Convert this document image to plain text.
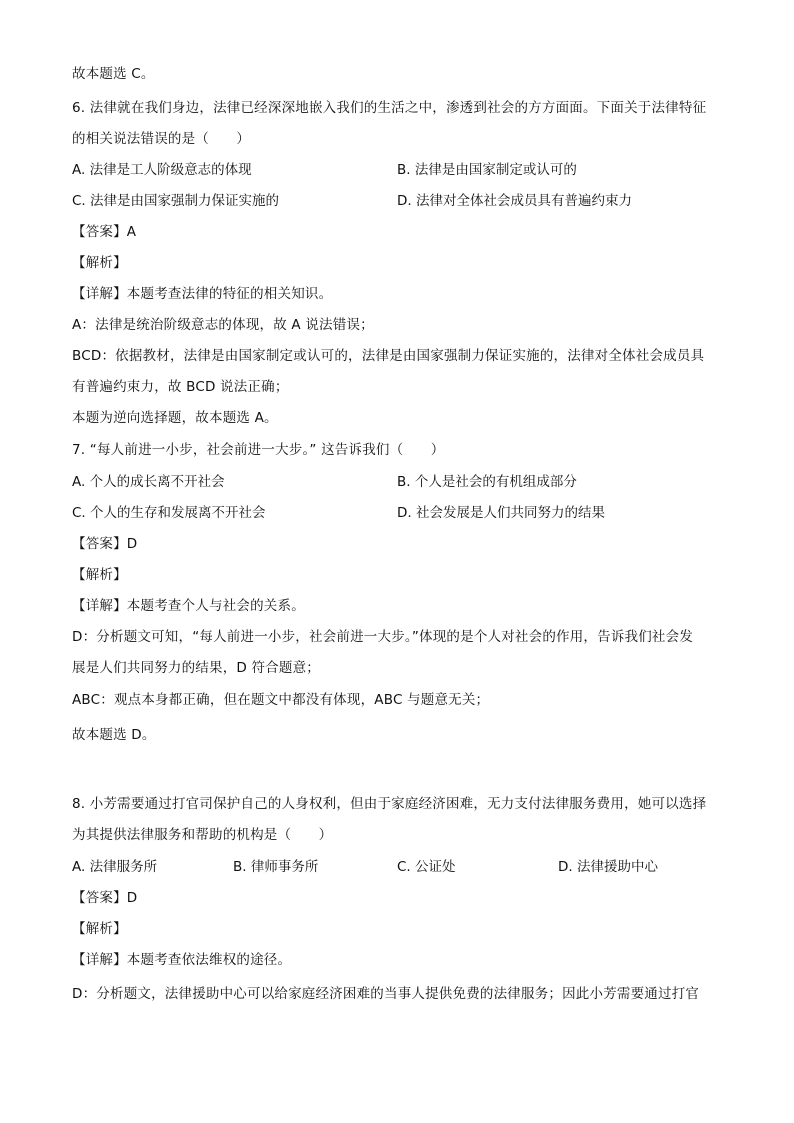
故本题选 C。
6. 法律就在我们身边，法律已经深深地嵌入我们的生活之中，渗透到社会的方方面面。下面关于法律特征
的相关说法错误的是（　　）
A. 法律是工人阶级意志的体现	B. 法律是由国家制定或认可的
C. 法律是由国家强制力保证实施的	D. 法律对全体社会成员具有普遍约束力
【答案】A
【解析】
【详解】本题考查法律的特征的相关知识。
A：法律是统治阶级意志的体现，故 A 说法错误；
BCD：依据教材，法律是由国家制定或认可的，法律是由国家强制力保证实施的，法律对全体社会成员具
有普遍约束力，故 BCD 说法正确；
本题为逆向选择题，故本题选 A。
7. “每人前进一小步，社会前进一大步。” 这告诉我们（　　）
A. 个人的成长离不开社会	B. 个人是社会的有机组成部分
C. 个人的生存和发展离不开社会	D. 社会发展是人们共同努力的结果
【答案】D
【解析】
【详解】本题考查个人与社会的关系。
D：分析题文可知，“每人前进一小步，社会前进一大步。”体现的是个人对社会的作用，告诉我们社会发
展是人们共同努力的结果，D 符合题意；
ABC：观点本身都正确，但在题文中都没有体现，ABC 与题意无关；
故本题选 D。
8. 小芳需要通过打官司保护自己的人身权利，但由于家庭经济困难，无力支付法律服务费用，她可以选择
为其提供法律服务和帮助的机构是（　　）
A. 法律服务所	B. 律师事务所	C. 公证处	D. 法律援助中心
【答案】D
【解析】
【详解】本题考查依法维权的途径。
D：分析题文，法律援助中心可以给家庭经济困难的当事人提供免费的法律服务；因此小芳需要通过打官
